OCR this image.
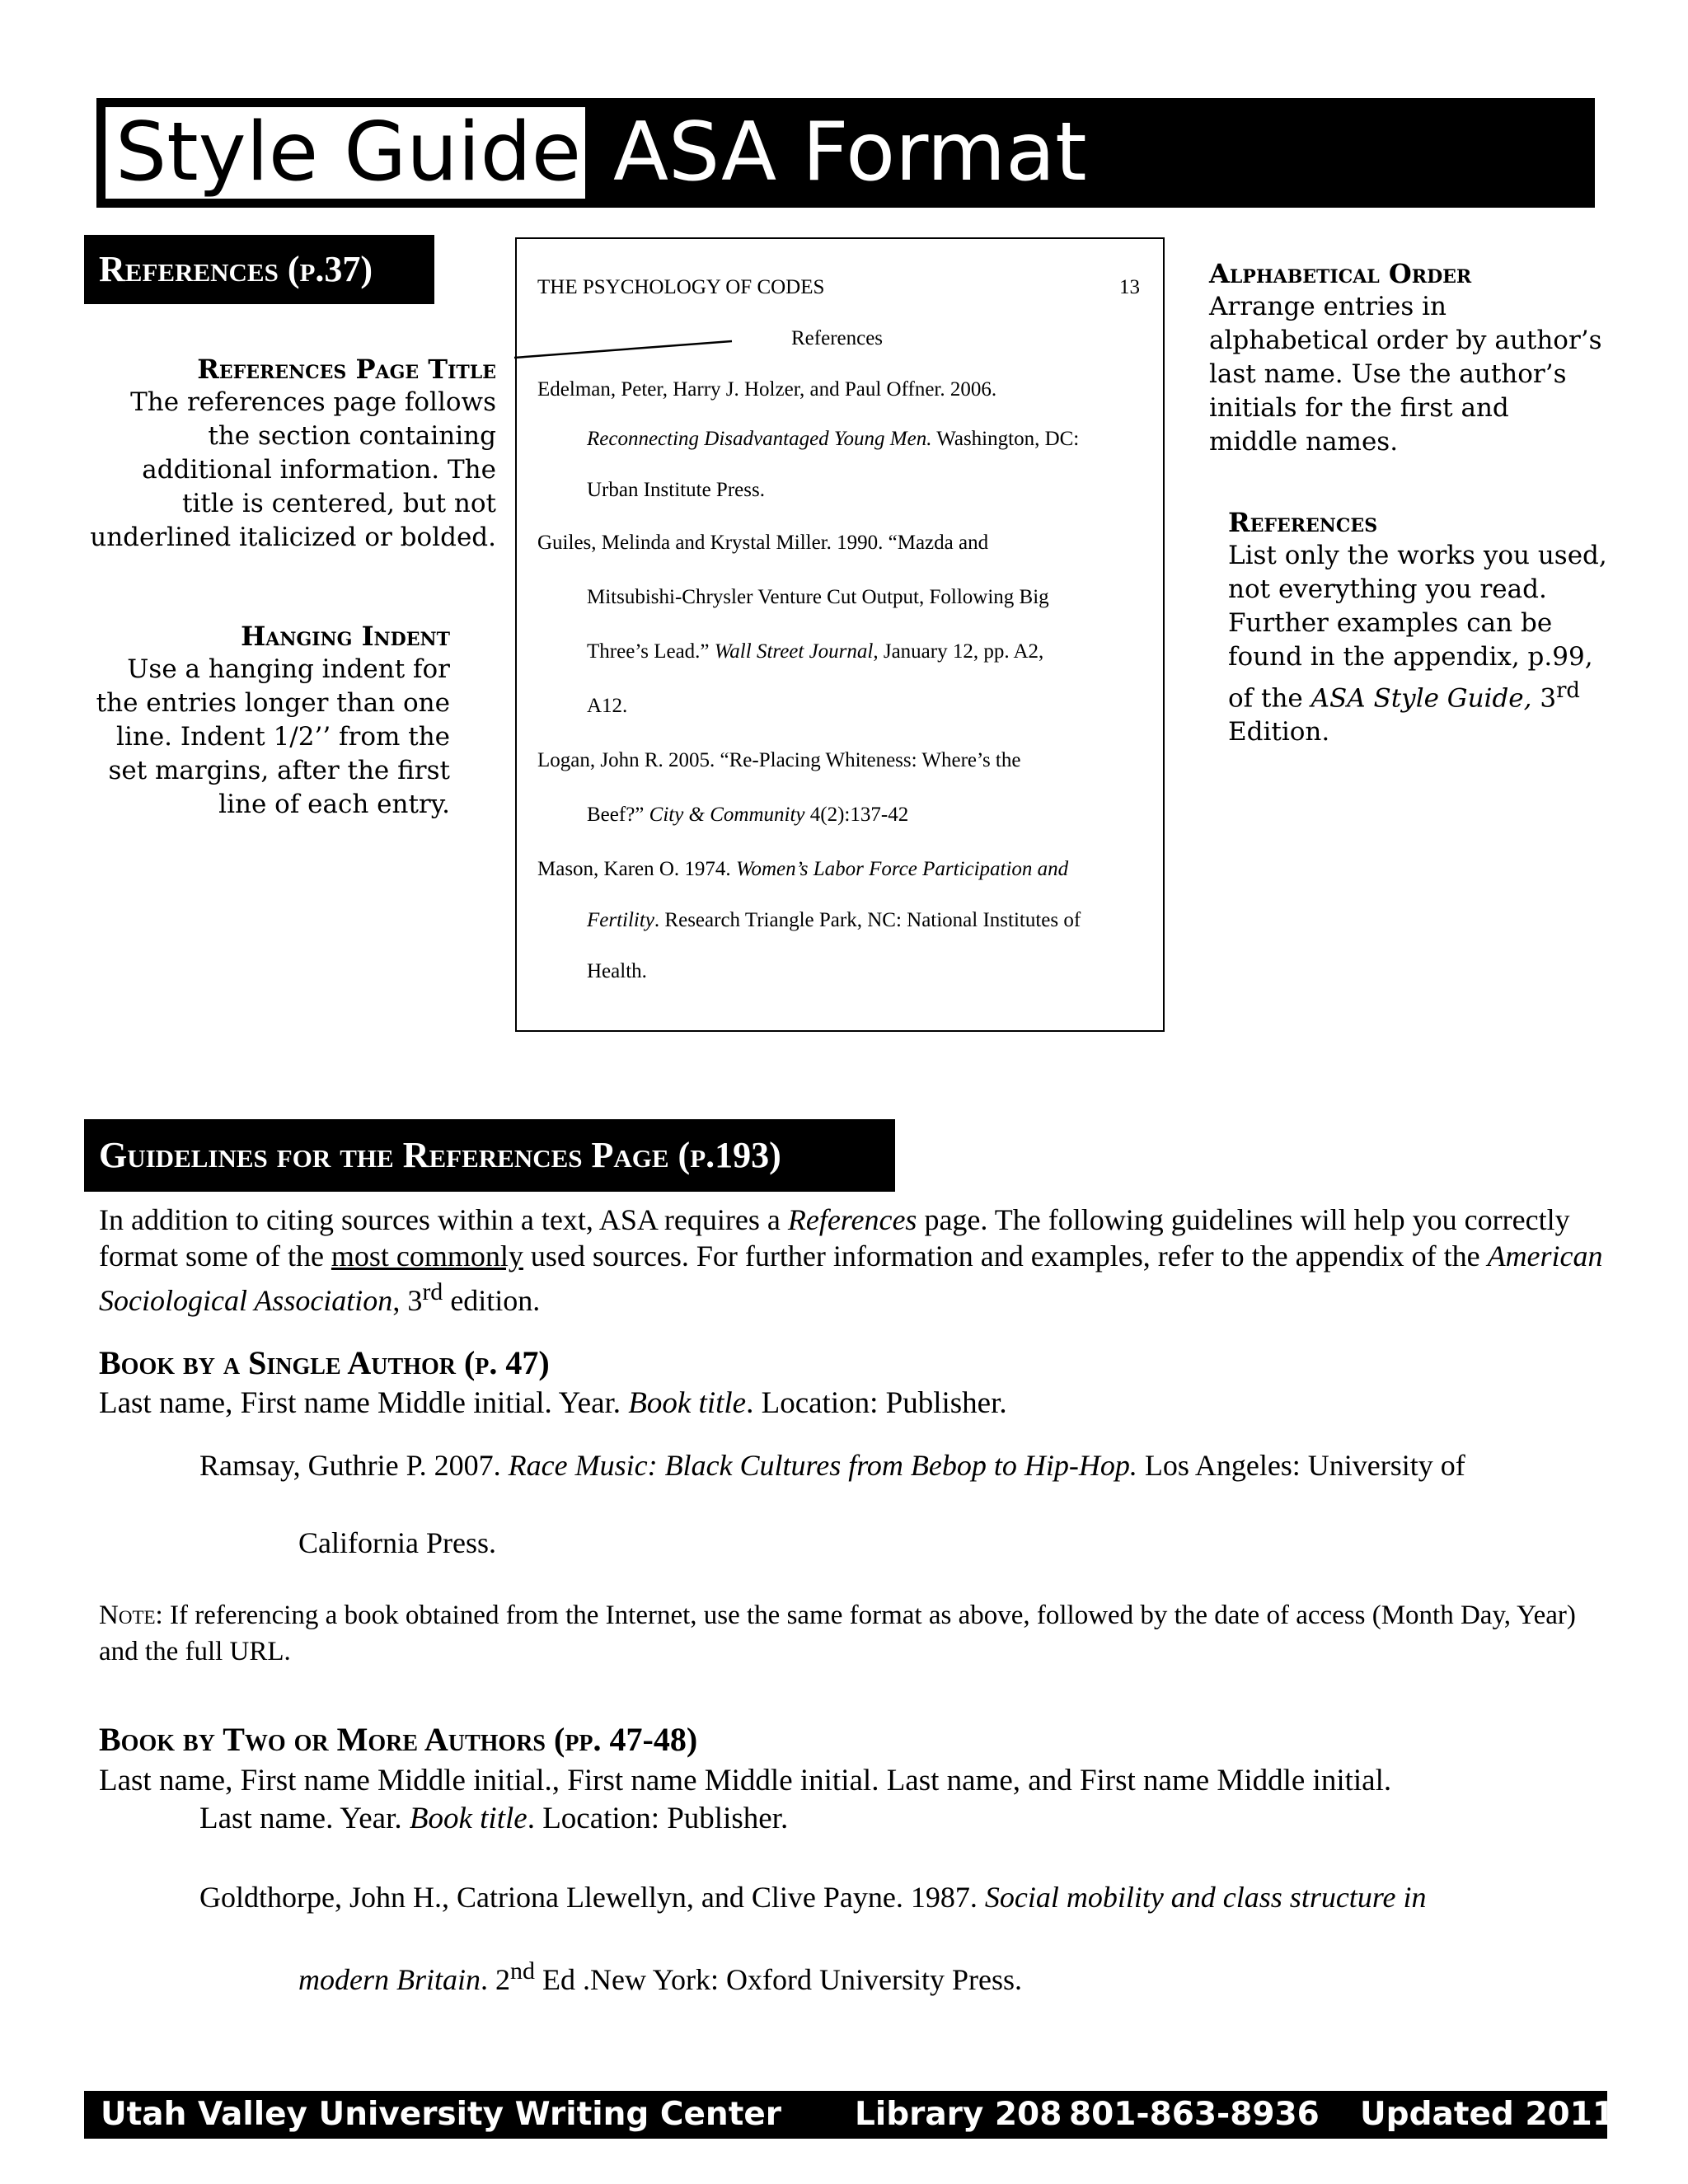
Style Guides
ASA Format
References (p.37)
References Page Title
The references page follows the section containing additional information. The title is centered, but not underlined italicized or bolded.
Hanging Indent
Use a hanging indent for the entries longer than one line. Indent 1/2’’ from the set margins, after the first line of each entry.
Alphabetical Order
Arrange entries in alphabetical order by author’s last name. Use the author’s initials for the first and middle names.
References
List only the works you used, not everything you read. Further examples can be found in the appendix, p.99, of the ASA Style Guide, 3rd Edition.
THE PSYCHOLOGY OF CODES	13
References
Edelman, Peter, Harry J. Holzer, and Paul Offner. 2006.
Reconnecting Disadvantaged Young Men. Washington, DC:
Urban Institute Press.
Guiles, Melinda and Krystal Miller. 1990. “Mazda and
Mitsubishi-Chrysler Venture Cut Output, Following Big
Three’s Lead.” Wall Street Journal, January 12, pp. A2,
A12.
Logan, John R. 2005. “Re-Placing Whiteness: Where’s the
Beef?” City & Community 4(2):137-42
Mason, Karen O. 1974. Women’s Labor Force Participation and
Fertility. Research Triangle Park, NC: National Institutes of
Health.
Guidelines for the References Page (p.193)
In addition to citing sources within a text, ASA requires a References page. The following guidelines will help you correctly format some of the most commonly used sources. For further information and examples, refer to the appendix of the American Sociological Association, 3rd edition.
Book by a Single Author (p. 47)
Last name, First name Middle initial. Year. Book title. Location: Publisher.
Ramsay, Guthrie P. 2007. Race Music: Black Cultures from Bebop to Hip-Hop. Los Angeles: University of
California Press.
Note: If referencing a book obtained from the Internet, use the same format as above, followed by the date of access (Month Day, Year) and the full URL.
Book by Two or More Authors (pp. 47-48)
Last name, First name Middle initial., First name Middle initial. Last name, and First name Middle initial.
Last name. Year. Book title. Location: Publisher.
Goldthorpe, John H., Catriona Llewellyn, and Clive Payne. 1987. Social mobility and class structure in
modern Britain. 2nd Ed .New York: Oxford University Press.
Utah Valley University Writing Center Library 208 801-863-8936 Updated 2011
